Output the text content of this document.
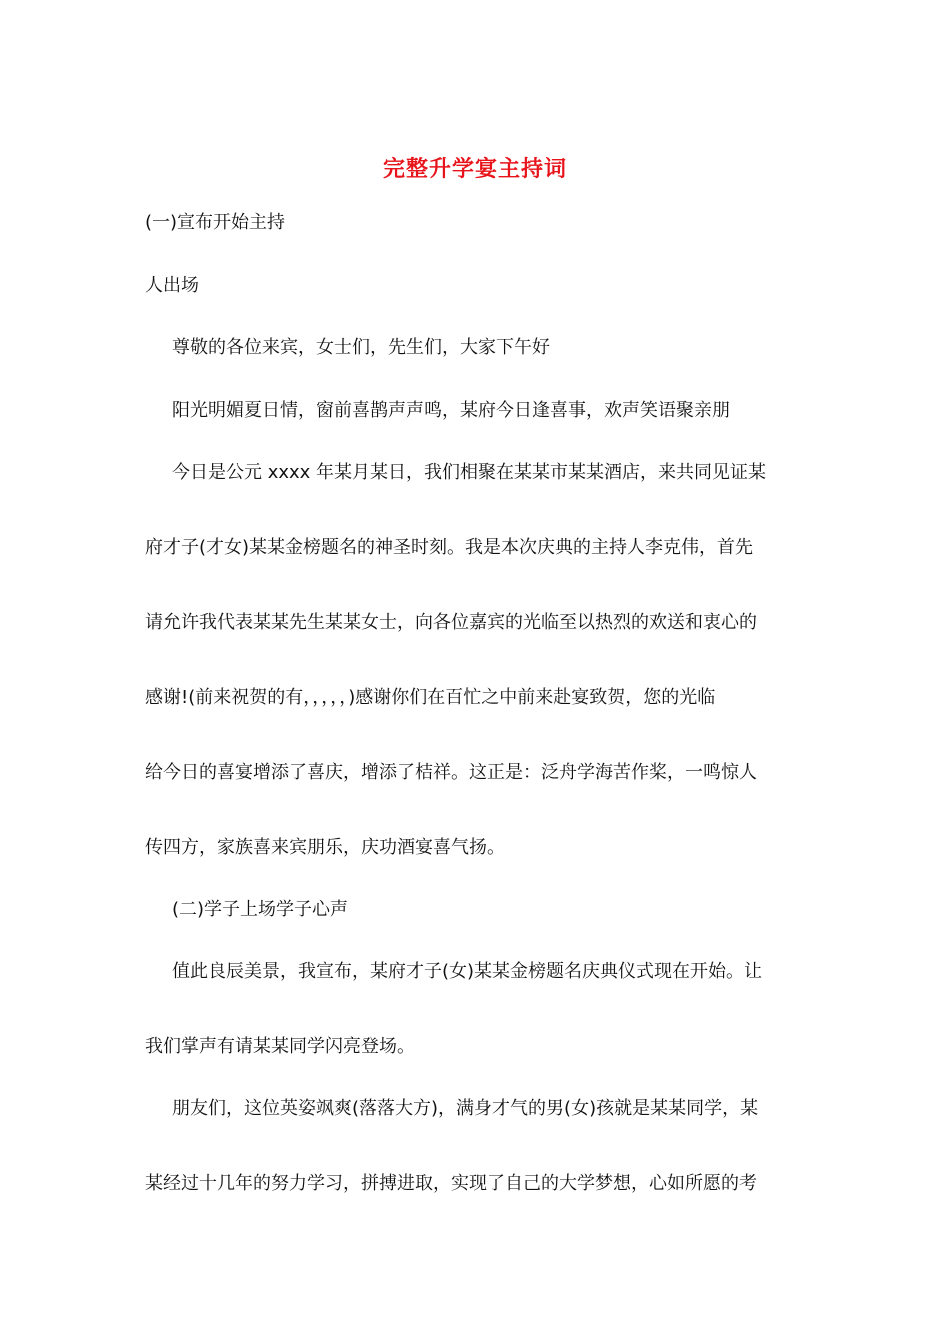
完整升学宴主持词
(一)宣布开始主持
人出场
尊敬的各位来宾，女士们，先生们，大家下午好
阳光明媚夏日情，窗前喜鹊声声鸣，某府今日逢喜事，欢声笑语聚亲朋
今日是公元 xxxx 年某月某日，我们相聚在某某市某某酒店，来共同见证某
府才子(才女)某某金榜题名的神圣时刻。我是本次庆典的主持人李克伟，首先
请允许我代表某某先生某某女士，向各位嘉宾的光临至以热烈的欢送和衷心的
感谢!(前来祝贺的有，，，，，)感谢你们在百忙之中前来赴宴致贺，您的光临
给今日的喜宴增添了喜庆，增添了桔祥。这正是：泛舟学海苦作桨，一鸣惊人
传四方，家族喜来宾朋乐，庆功酒宴喜气扬。
(二)学子上场学子心声
值此良辰美景，我宣布，某府才子(女)某某金榜题名庆典仪式现在开始。让
我们掌声有请某某同学闪亮登场。
朋友们，这位英姿飒爽(落落大方)，满身才气的男(女)孩就是某某同学，某
某经过十几年的努力学习，拼搏进取，实现了自己的大学梦想，心如所愿的考
